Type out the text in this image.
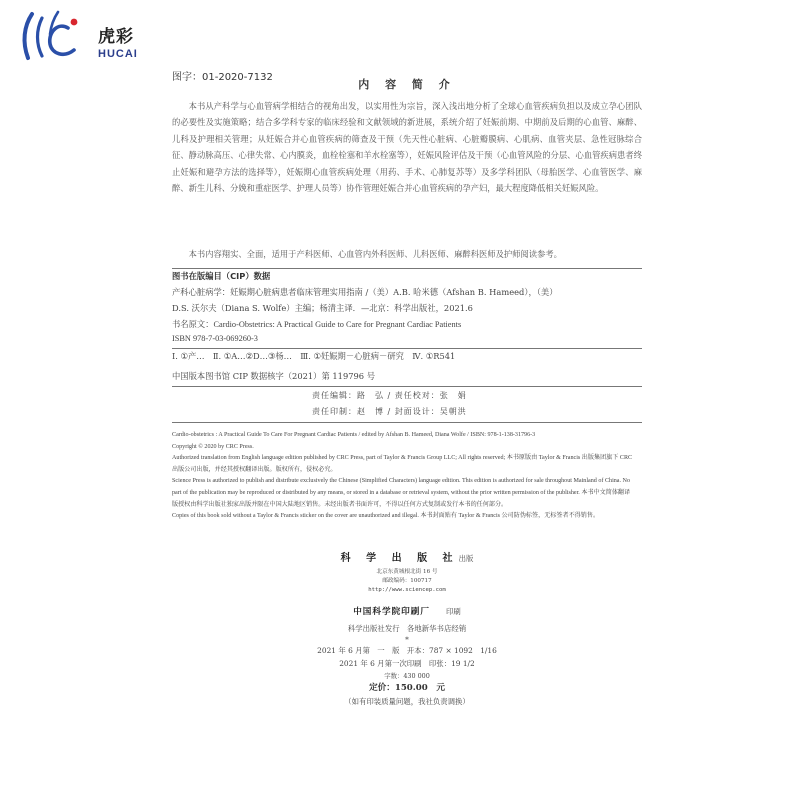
虎彩
HUCAI
图字：01-2020-7132
内 容 简 介
本书从产科学与心血管病学相结合的视角出发，以实用性为宗旨，深入浅出地分析了全球心血管疾病负担以及成立孕心团队的必要性及实施策略；结合多学科专家的临床经验和文献领域的新进展，系统介绍了妊娠前期、中期前及后期的心血管、麻醉、儿科及护理相关管理；从妊娠合并心血管疾病的筛查及干预（先天性心脏病、心脏瓣膜病、心肌病、血管夹层、急性冠脉综合征、静动脉高压、心律失常、心内膜炎，血栓栓塞和羊水栓塞等），妊娠风险评估及干预（心血管风险的分层、心血管疾病患者终止妊娠和避孕方法的选择等），妊娠期心血管疾病处理（用药、手术、心肺复苏等）及多学科团队（母胎医学、心血管医学、麻醉、新生儿科、分娩和重症医学、护理人员等）协作管理妊娠合并心血管疾病的孕产妇，最大程度降低相关妊娠风险。
本书内容翔实、全面，适用于产科医师、心血管内外科医师、儿科医师、麻醉科医师及护师阅读参考。
图书在版编目（CIP）数据
产科心脏病学：妊娠期心脏病患者临床管理实用指南 /（美）A.B. 哈米德（Afshan B. Hameed），（美）
D.S. 沃尔夫（Diana S. Wolfe）主编；杨清主译．—北京：科学出版社，2021.6
书名原文：Cardio-Obstetrics: A Practical Guide to Care for Pregnant Cardiac Patients
ISBN 978-7-03-069260-3
Ⅰ. ①产…　Ⅱ. ①A…②D…③杨…　Ⅲ. ①妊娠期－心脏病－研究　Ⅳ. ①R541
中国版本图书馆 CIP 数据核字（2021）第 119796 号
责任编辑：路　弘 / 责任校对：张　娟
责任印制：赵　博 / 封面设计：吴朝洪
Cardio-obstetrics : A Practical Guide To Care For Pregnant Cardiac Patients / edited by Afshan B. Hameed, Diana Wolfe / ISBN: 978-1-138-31796-3
Copyright © 2020 by CRC Press.
Authorized translation from English language edition published by CRC Press, part of Taylor & Francis Group LLC; All rights reserved; 本书原版由 Taylor & Francis 出版集团旗下 CRC 出版公司出版，并经其授权翻译出版。版权所有，侵权必究。
Science Press is authorized to publish and distribute exclusively the Chinese (Simplified Characters) language edition. This edition is authorized for sale throughout Mainland of China. No part of the publication may be reproduced or distributed by any means, or stored in a database or retrieval system, without the prior written permission of the publisher. 本书中文简体翻译版授权由科学出版社独家出版并限在中国大陆地区销售。未经出版者书面许可，不得以任何方式复制或发行本书的任何部分。
Copies of this book sold without a Taylor & Francis sticker on the cover are unauthorized and illegal. 本书封面贴有 Taylor & Francis 公司防伪标签，无标签者不得销售。
科 学 出 版 社出版
北京东黄城根北街 16 号
邮政编码：100717
http://www.sciencep.com
中国科学院印刷厂　 印刷
科学出版社发行　各地新华书店经销
*
2021 年 6 月第　一　版　开本：787 × 1092　1/16
2021 年 6 月第一次印刷　印张：19 1/2
字数：430 000
定价：150.00　元
（如有印装质量问题，我社负责调换）
